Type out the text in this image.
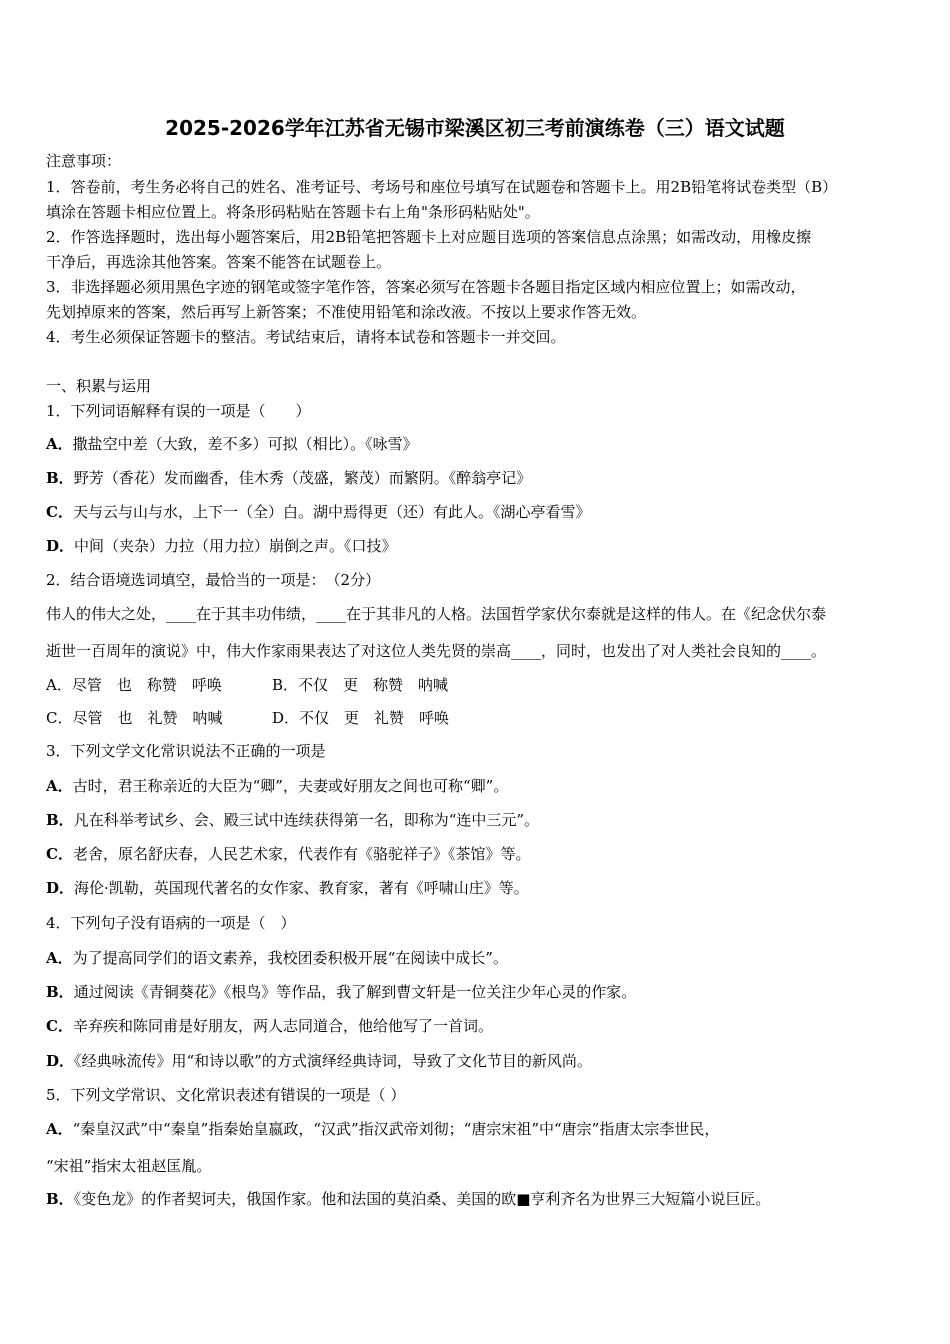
2025-2026学年江苏省无锡市梁溪区初三考前演练卷（三）语文试题
注意事项：
1．答卷前，考生务必将自己的姓名、准考证号、考场号和座位号填写在试题卷和答题卡上。用2B铅笔将试卷类型（B）
填涂在答题卡相应位置上。将条形码粘贴在答题卡右上角"条形码粘贴处"。
2．作答选择题时，选出每小题答案后，用2B铅笔把答题卡上对应题目选项的答案信息点涂黑；如需改动，用橡皮擦
干净后，再选涂其他答案。答案不能答在试题卷上。
3．非选择题必须用黑色字迹的钢笔或签字笔作答，答案必须写在答题卡各题目指定区域内相应位置上；如需改动，
先划掉原来的答案，然后再写上新答案；不准使用铅笔和涂改液。不按以上要求作答无效。
4．考生必须保证答题卡的整洁。考试结束后，请将本试卷和答题卡一并交回。
一、积累与运用
1．下列词语解释有误的一项是（　　）
A．撒盐空中差（大致，差不多）可拟（相比）。《咏雪》
B．野芳（香花）发而幽香，佳木秀（茂盛，繁茂）而繁阴。《醉翁亭记》
C．天与云与山与水，上下一（全）白。湖中焉得更（还）有此人。《湖心亭看雪》
D．中间（夹杂）力拉（用力拉）崩倒之声。《口技》
2．结合语境选词填空，最恰当的一项是：　（2分）
伟人的伟大之处，____在于其丰功伟绩，____在于其非凡的人格。法国哲学家伏尔泰就是这样的伟人。在《纪念伏尔泰
逝世一百周年的演说》中，伟大作家雨果表达了对这位人类先贤的崇高____，同时，也发出了对人类社会良知的____。
A．尽管　也　称赞　呼唤	B．不仅　更　称赞　呐喊
C．尽管　也　礼赞　呐喊	D．不仅　更　礼赞　呼唤
3．下列文学文化常识说法不正确的一项是
A．古时，君王称亲近的大臣为“卿”，夫妻或好朋友之间也可称“卿”。
B．凡在科举考试乡、会、殿三试中连续获得第一名，即称为“连中三元”。
C．老舍，原名舒庆春，人民艺术家，代表作有《骆驼祥子》《茶馆》等。
D．海伦·凯勒，英国现代著名的女作家、教育家，著有《呼啸山庄》等。
4．下列句子没有语病的一项是（　）
A．为了提高同学们的语文素养，我校团委积极开展“在阅读中成长”。
B．通过阅读《青铜葵花》《根鸟》等作品，我了解到曹文轩是一位关注少年心灵的作家。
C．辛弃疾和陈同甫是好朋友，两人志同道合，他给他写了一首词。
D．《经典咏流传》用“和诗以歌”的方式演绎经典诗词，导致了文化节目的新风尚。
5．下列文学常识、文化常识表述有错误的一项是（ ）
A．“秦皇汉武”中“秦皇”指秦始皇嬴政，“汉武”指汉武帝刘彻；“唐宗宋祖”中“唐宗”指唐太宗李世民，
“宋祖”指宋太祖赵匡胤。
B．《变色龙》的作者契诃夫，俄国作家。他和法国的莫泊桑、美国的欧■亨利齐名为世界三大短篇小说巨匠。
